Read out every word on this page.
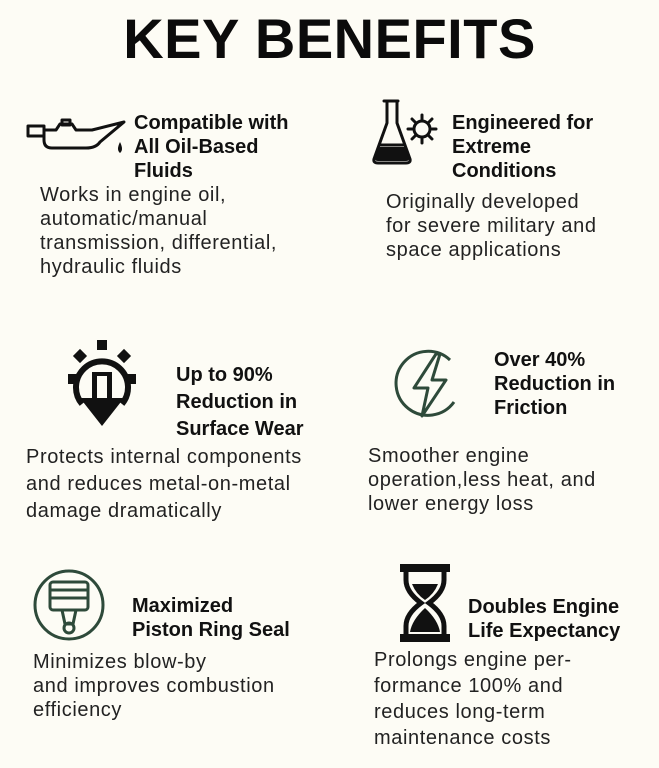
KEY BENEFITS
Compatible with
All Oil-Based
Fluids
Works in engine oil,
automatic/manual
transmission, differential,
hydraulic fluids
Engineered for
Extreme
Conditions
Originally developed
for severe military and
space applications
Up to 90%
Reduction in
Surface Wear
Protects internal components
and reduces metal-on-metal
damage dramatically
Over 40%
Reduction in
Friction
Smoother engine
operation,less heat, and
lower energy loss
Maximized
Piston Ring Seal
Minimizes blow-by
and improves combustion
efficiency
Doubles Engine
Life Expectancy
Prolongs engine per-
formance 100% and
reduces long-term
maintenance costs
